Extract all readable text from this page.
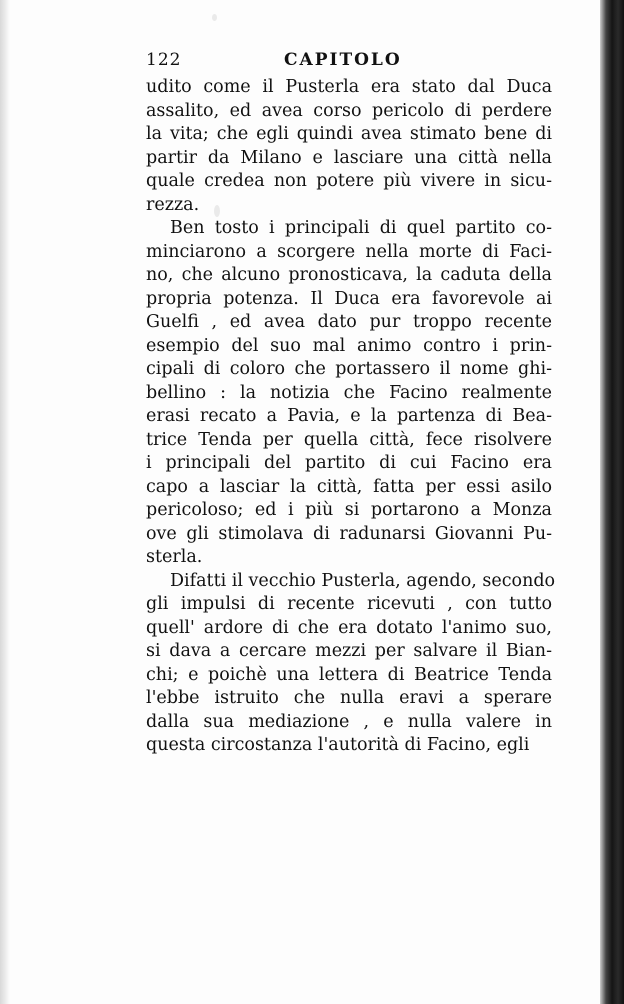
122	CAPITOLO
udito come il Pusterla era stato dal Duca
assalito, ed avea corso pericolo di perdere
la vita; che egli quindi avea stimato bene di
partir da Milano e lasciare una città nella
quale credea non potere più vivere in sicu-
rezza.
Ben tosto i principali di quel partito co-
minciarono a scorgere nella morte di Faci-
no, che alcuno pronosticava, la caduta della
propria potenza. Il Duca era favorevole ai
Guelfi , ed avea dato pur troppo recente
esempio del suo mal animo contro i prin-
cipali di coloro che portassero il nome ghi-
bellino : la notizia che Facino realmente
erasi recato a Pavia, e la partenza di Bea-
trice Tenda per quella città, fece risolvere
i principali del partito di cui Facino era
capo a lasciar la città, fatta per essi asilo
pericoloso; ed i più si portarono a Monza
ove gli stimolava di radunarsi Giovanni Pu-
sterla.
Difatti il vecchio Pusterla, agendo, secondo
gli impulsi di recente ricevuti , con tutto
quell' ardore di che era dotato l'animo suo,
si dava a cercare mezzi per salvare il Bian-
chi; e poichè una lettera di Beatrice Tenda
l'ebbe istruito che nulla eravi a sperare
dalla sua mediazione , e nulla valere in
questa circostanza l'autorità di Facino, egli
